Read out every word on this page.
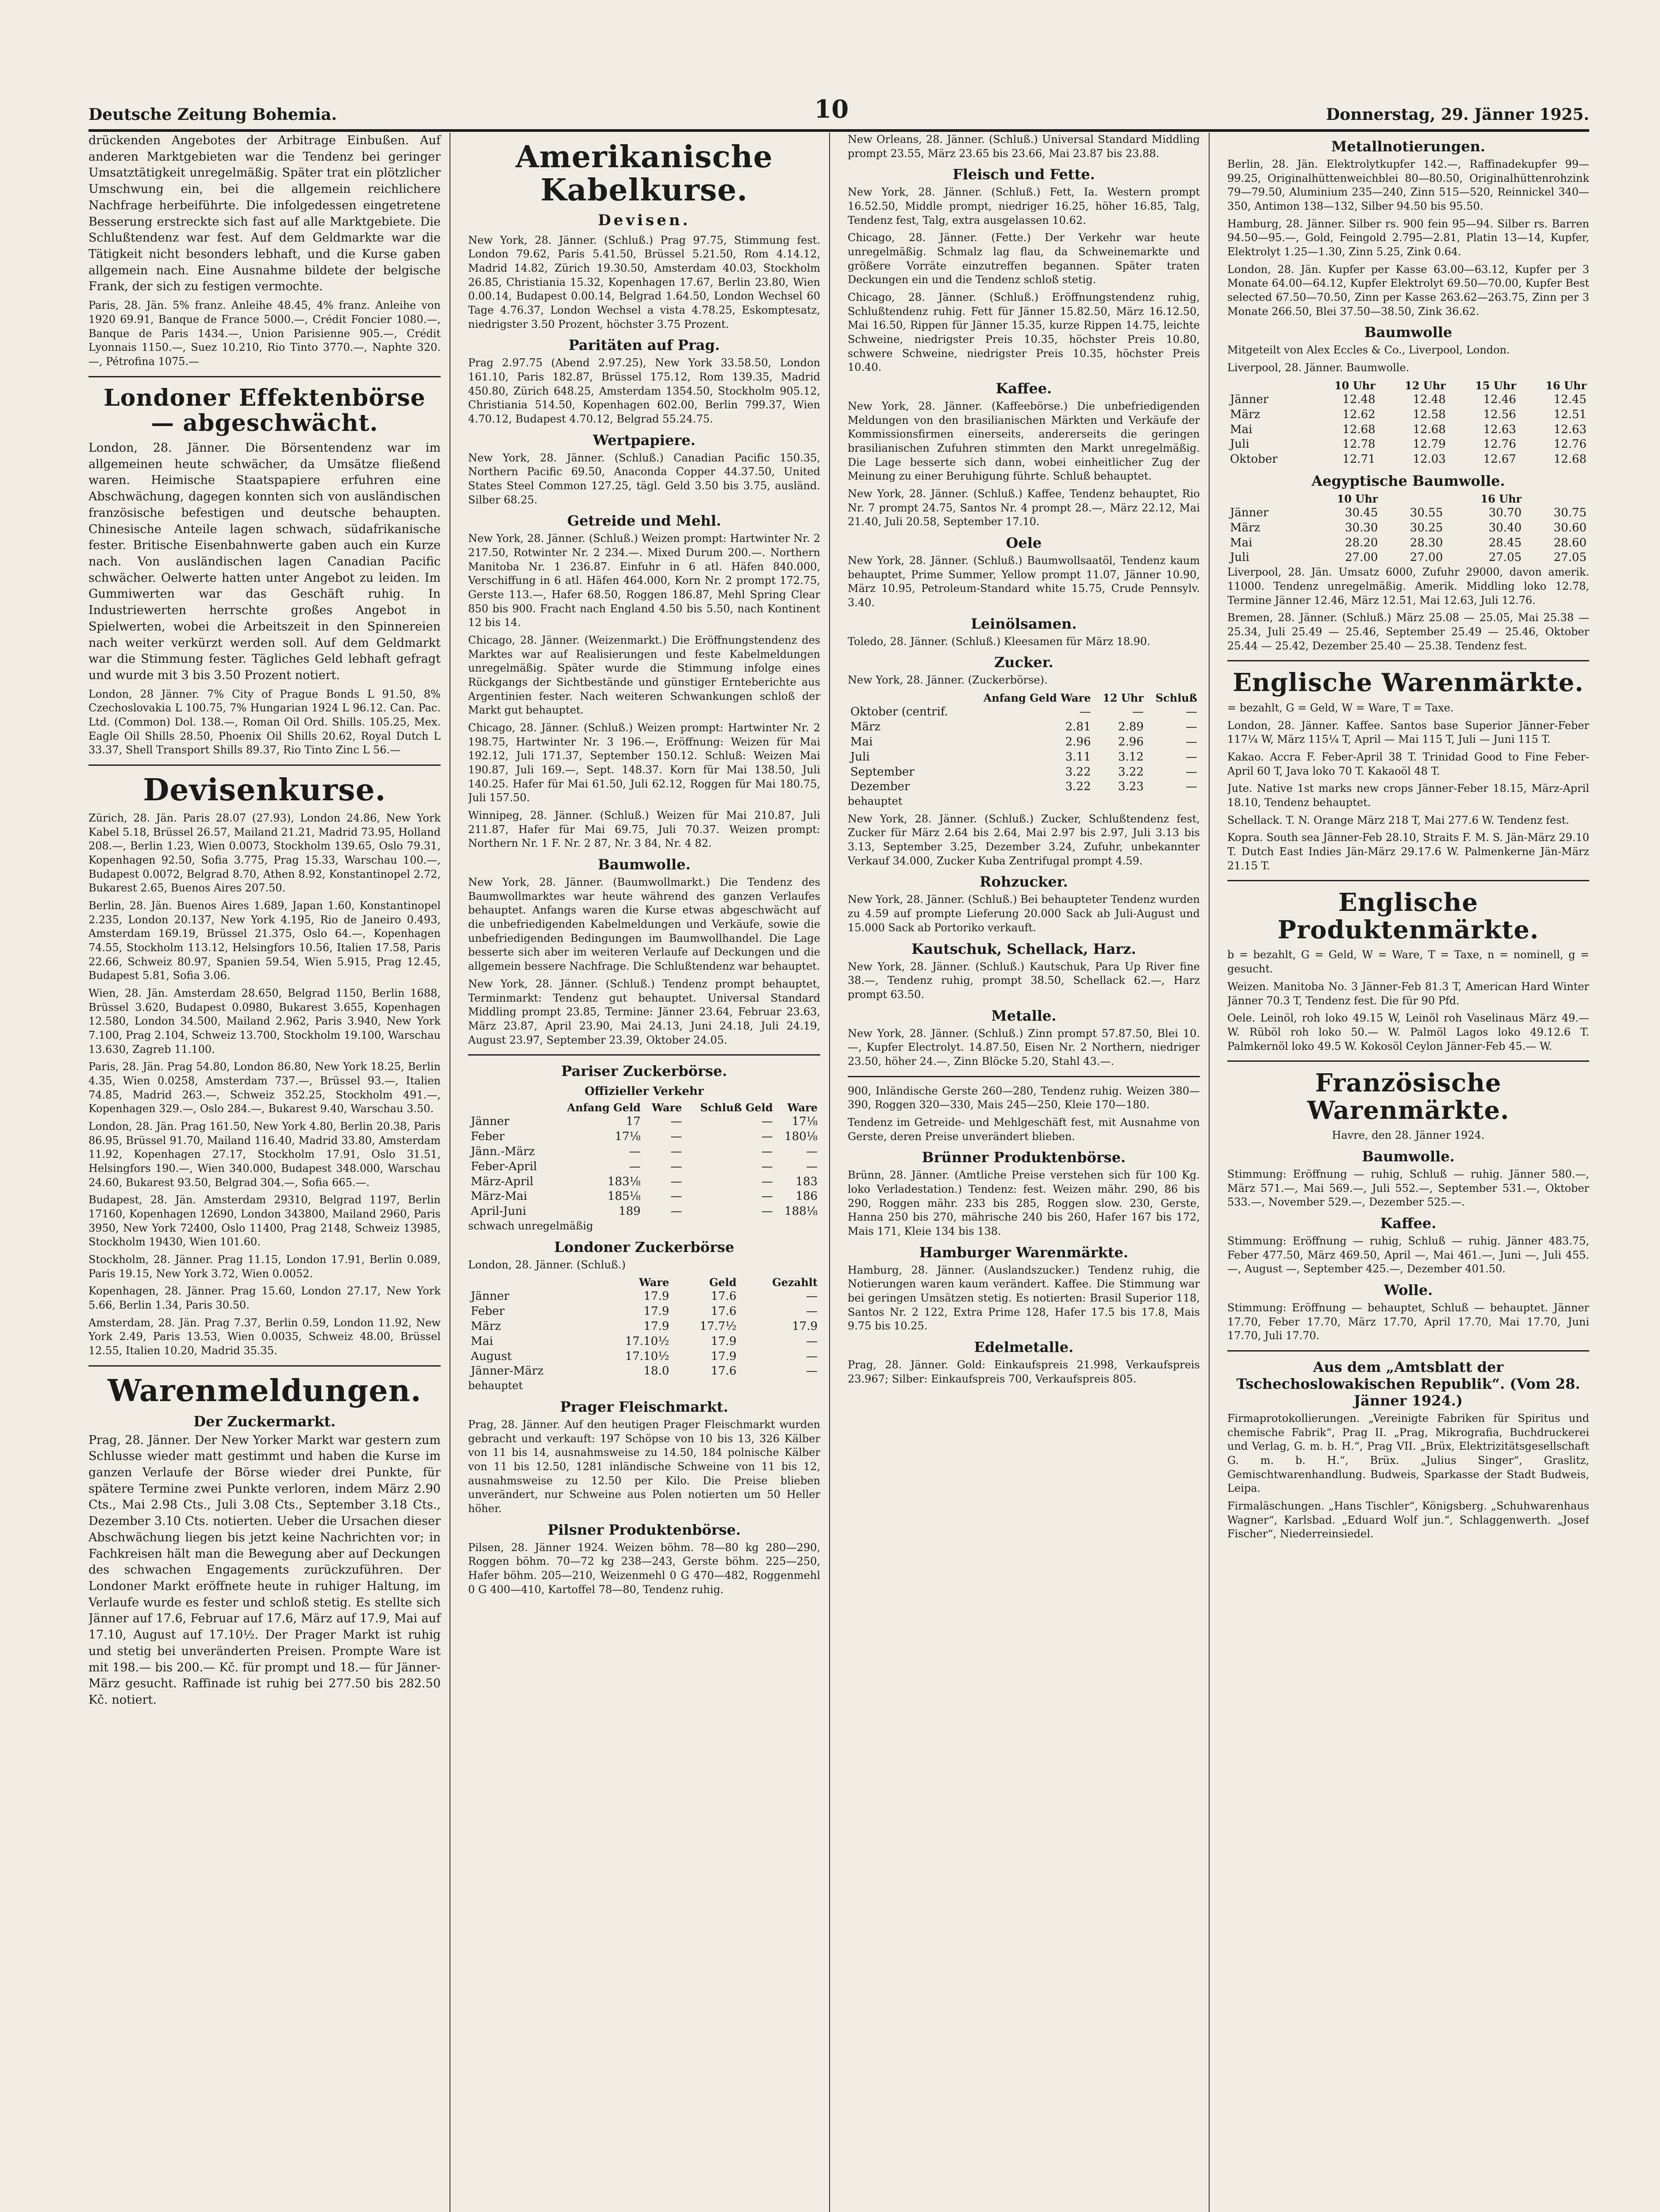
Deutsche Zeitung Bohemia.	10	Donnerstag, 29. Jänner 1925.

drückenden Angebotes der Arbitrage Einbußen. Auf anderen Marktgebieten war die Tendenz bei geringer Umsatztätigkeit unregelmäßig. Später trat ein plötzlicher Umschwung ein, bei die allgemein reichlichere Nachfrage herbeiführte. Die infolgedessen eingetretene Besserung erstreckte sich fast auf alle Marktgebiete. Die Schlußtendenz war fest. Auf dem Geldmarkte war die Tätigkeit nicht besonders lebhaft, und die Kurse gaben allgemein nach. Eine Ausnahme bildete der belgische Frank, der sich zu festigen vermochte.

Paris, 28. Jän. 5% franz. Anleihe 48.45, 4% franz. Anleihe von 1920 69.91, Banque de France 5000.—, Crédit Foncier 1080.—, Banque de Paris 1434.—, Union Parisienne 905.—, Crédit Lyonnais 1150.—, Suez 10.210, Rio Tinto 3770.—, Naphte 320.—, Pétrofina 1075.—

Londoner Effektenbörse — abgeschwächt.

London, 28. Jänner. Die Börsentendenz war im allgemeinen heute schwächer, da Umsätze fließend waren. Heimische Staatspapiere erfuhren eine Abschwächung, dagegen konnten sich von ausländischen französische befestigen und deutsche behaupten. Chinesische Anteile lagen schwach, südafrikanische fester. Britische Eisenbahnwerte gaben auch ein Kurze nach. Von ausländischen lagen Canadian Pacific schwächer. Oelwerte hatten unter Angebot zu leiden. Im Gummiwerten war das Geschäft ruhig. In Industriewerten herrschte großes Angebot in Spielwerten, wobei die Arbeitszeit in den Spinnereien nach weiter verkürzt werden soll. Auf dem Geldmarkt war die Stimmung fester. Tägliches Geld lebhaft gefragt und wurde mit 3 bis 3.50 Prozent notiert.

London, 28 Jänner. 7% City of Prague Bonds L 91.50, 8% Czechoslovakia L 100.75, 7% Hungarian 1924 L 96.12. Can. Pac. Ltd. (Common) Dol. 138.—, Roman Oil Ord. Shills. 105.25, Mex. Eagle Oil Shills 28.50, Phoenix Oil Shills 20.62, Royal Dutch L 33.37, Shell Transport Shills 89.37, Rio Tinto Zinc L 56.—

Devisenkurse.

Zürich, 28. Jän. Paris 28.07 (27.93), London 24.86, New York Kabel 5.18, Brüssel 26.57, Mailand 21.21, Madrid 73.95, Holland 208.—, Berlin 1.23, Wien 0.0073, Stockholm 139.65, Oslo 79.31, Kopenhagen 92.50, Sofia 3.775, Prag 15.33, Warschau 100.—, Budapest 0.0072, Belgrad 8.70, Athen 8.92, Konstantinopel 2.72, Bukarest 2.65, Buenos Aires 207.50.

Berlin, 28. Jän. Buenos Aires 1.689, Japan 1.60, Konstantinopel 2.235, London 20.137, New York 4.195, Rio de Janeiro 0.493, Amsterdam 169.19, Brüssel 21.375, Oslo 64.—, Kopenhagen 74.55, Stockholm 113.12, Helsingfors 10.56, Italien 17.58, Paris 22.66, Schweiz 80.97, Spanien 59.54, Wien 5.915, Prag 12.45, Budapest 5.81, Sofia 3.06.

Wien, 28. Jän. Amsterdam 28.650, Belgrad 1150, Berlin 1688, Brüssel 3.620, Budapest 0.0980, Bukarest 3.655, Kopenhagen 12.580, London 34.500, Mailand 2.962, Paris 3.940, New York 7.100, Prag 2.104, Schweiz 13.700, Stockholm 19.100, Warschau 13.630, Zagreb 11.100.

Paris, 28. Jän. Prag 54.80, London 86.80, New York 18.25, Berlin 4.35, Wien 0.0258, Amsterdam 737.—, Brüssel 93.—, Italien 74.85, Madrid 263.—, Schweiz 352.25, Stockholm 491.—, Kopenhagen 329.—, Oslo 284.—, Bukarest 9.40, Warschau 3.50.

London, 28. Jän. Prag 161.50, New York 4.80, Berlin 20.38, Paris 86.95, Brüssel 91.70, Mailand 116.40, Madrid 33.80, Amsterdam 11.92, Kopenhagen 27.17, Stockholm 17.91, Oslo 31.51, Helsingfors 190.—, Wien 340.000, Budapest 348.000, Warschau 24.60, Bukarest 93.50, Belgrad 304.—, Sofia 665.—.

Budapest, 28. Jän. Amsterdam 29310, Belgrad 1197, Berlin 17160, Kopenhagen 12690, London 343800, Mailand 2960, Paris 3950, New York 72400, Oslo 11400, Prag 2148, Schweiz 13985, Stockholm 19430, Wien 101.60.

Stockholm, 28. Jänner. Prag 11.15, London 17.91, Berlin 0.089, Paris 19.15, New York 3.72, Wien 0.0052.

Kopenhagen, 28. Jänner. Prag 15.60, London 27.17, New York 5.66, Berlin 1.34, Paris 30.50.

Amsterdam, 28. Jän. Prag 7.37, Berlin 0.59, London 11.92, New York 2.49, Paris 13.53, Wien 0.0035, Schweiz 48.00, Brüssel 12.55, Italien 10.20, Madrid 35.35.

Warenmeldungen.
Der Zuckermarkt.

Prag, 28. Jänner. Der New Yorker Markt war gestern zum Schlusse wieder matt gestimmt und haben die Kurse im ganzen Verlaufe der Börse wieder drei Punkte, für spätere Termine zwei Punkte verloren, indem März 2.90 Cts., Mai 2.98 Cts., Juli 3.08 Cts., September 3.18 Cts., Dezember 3.10 Cts. notierten. Ueber die Ursachen dieser Abschwächung liegen bis jetzt keine Nachrichten vor; in Fachkreisen hält man die Bewegung aber auf Deckungen des schwachen Engagements zurückzuführen. Der Londoner Markt eröffnete heute in ruhiger Haltung, im Verlaufe wurde es fester und schloß stetig. Es stellte sich Jänner auf 17.6, Februar auf 17.6, März auf 17.9, Mai auf 17.10, August auf 17.10½. Der Prager Markt ist ruhig und stetig bei unveränderten Preisen. Prompte Ware ist mit 198.— bis 200.— Kč. für prompt und 18.— für Jänner-März gesucht. Raffinade ist ruhig bei 277.50 bis 282.50 Kč. notiert.

Amerikanische Kabelkurse.
Devisen.

New York, 28. Jänner. (Schluß.) Prag 97.75, Stimmung fest. London 79.62, Paris 5.41.50, Brüssel 5.21.50, Rom 4.14.12, Madrid 14.82, Zürich 19.30.50, Amsterdam 40.03, Stockholm 26.85, Christiania 15.32, Kopenhagen 17.67, Berlin 23.80, Wien 0.00.14, Budapest 0.00.14, Belgrad 1.64.50, London Wechsel 60 Tage 4.76.37, London Wechsel a vista 4.78.25, Eskomptesatz, niedrigster 3.50 Prozent, höchster 3.75 Prozent.

Paritäten auf Prag.

Prag 2.97.75 (Abend 2.97.25), New York 33.58.50, London 161.10, Paris 182.87, Brüssel 175.12, Rom 139.35, Madrid 450.80, Zürich 648.25, Amsterdam 1354.50, Stockholm 905.12, Christiania 514.50, Kopenhagen 602.00, Berlin 799.37, Wien 4.70.12, Budapest 4.70.12, Belgrad 55.24.75.

Wertpapiere.

New York, 28. Jänner. (Schluß.) Canadian Pacific 150.35, Northern Pacific 69.50, Anaconda Copper 44.37.50, United States Steel Common 127.25, tägl. Geld 3.50 bis 3.75, ausländ. Silber 68.25.

Getreide und Mehl.

New York, 28. Jänner. (Schluß.) Weizen prompt: Hartwinter Nr. 2 217.50, Rotwinter Nr. 2 234.—. Mixed Durum 200.—. Northern Manitoba Nr. 1 236.87. Einfuhr in 6 atl. Häfen 840.000, Verschiffung in 6 atl. Häfen 464.000, Korn Nr. 2 prompt 172.75, Gerste 113.—, Hafer 68.50, Roggen 186.87, Mehl Spring Clear 850 bis 900. Fracht nach England 4.50 bis 5.50, nach Kontinent 12 bis 14.

Chicago, 28. Jänner. (Weizenmarkt.) Die Eröffnungstendenz des Marktes war auf Realisierungen und feste Kabelmeldungen unregelmäßig. Später wurde die Stimmung infolge eines Rückgangs der Sichtbestände und günstiger Ernteberichte aus Argentinien fester. Nach weiteren Schwankungen schloß der Markt gut behauptet.

Chicago, 28. Jänner. (Schluß.) Weizen prompt: Hartwinter Nr. 2 198.75, Hartwinter Nr. 3 196.—, Eröffnung: Weizen für Mai 192.12, Juli 171.37, September 150.12. Schluß: Weizen Mai 190.87, Juli 169.—, Sept. 148.37. Korn für Mai 138.50, Juli 140.25. Hafer für Mai 61.50, Juli 62.12, Roggen für Mai 180.75, Juli 157.50.

Winnipeg, 28. Jänner. (Schluß.) Weizen für Mai 210.87, Juli 211.87, Hafer für Mai 69.75, Juli 70.37. Weizen prompt: Northern Nr. 1 F. Nr. 2 87, Nr. 3 84, Nr. 4 82.

Baumwolle.

New York, 28. Jänner. (Baumwollmarkt.) Die Tendenz des Baumwollmarktes war heute während des ganzen Verlaufes behauptet. Anfangs waren die Kurse etwas abgeschwächt auf die unbefriedigenden Kabelmeldungen und Verkäufe, sowie die unbefriedigenden Bedingungen im Baumwollhandel. Die Lage besserte sich aber im weiteren Verlaufe auf Deckungen und die allgemein bessere Nachfrage. Die Schlußtendenz war behauptet.

New York, 28. Jänner. (Schluß.) Tendenz prompt behauptet, Terminmarkt: Tendenz gut behauptet. Universal Standard Middling prompt 23.85, Termine: Jänner 23.64, Februar 23.63, März 23.87, April 23.90, Mai 24.13, Juni 24.18, Juli 24.19, August 23.97, September 23.39, Oktober 24.05.

Pariser Zuckerbörse.
Offizieller Verkehr
	Anfang Geld	Ware	Schluß Geld	Ware
Jänner	17	—	—	17⅛
Feber	17⅛	—	—	180⅛
Jänn.-März	—	—	—	—
Feber-April	—	—	—	—
März-April	183⅛	—	—	183
März-Mai	185⅛	—	—	186
April-Juni	189	—	—	188⅛

schwach unregelmäßig

Londoner Zuckerbörse

London, 28. Jänner. (Schluß.)

	Ware	Geld	Gezahlt
Jänner	17.9	17.6	—
Feber	17.9	17.6	—
März	17.9	17.7½	17.9
Mai	17.10½	17.9	—
August	17.10½	17.9	—
Jänner-März	18.0	17.6	—

behauptet

Prager Fleischmarkt.

Prag, 28. Jänner. Auf den heutigen Prager Fleischmarkt wurden gebracht und verkauft: 197 Schöpse von 10 bis 13, 326 Kälber von 11 bis 14, ausnahmsweise zu 14.50, 184 polnische Kälber von 11 bis 12.50, 1281 inländische Schweine von 11 bis 12, ausnahmsweise zu 12.50 per Kilo. Die Preise blieben unverändert, nur Schweine aus Polen notierten um 50 Heller höher.

Pilsner Produktenbörse.

Pilsen, 28. Jänner 1924. Weizen böhm. 78—80 kg 280—290, Roggen böhm. 70—72 kg 238—243, Gerste böhm. 225—250, Hafer böhm. 205—210, Weizenmehl 0 G 470—482, Roggenmehl 0 G 400—410, Kartoffel 78—80, Tendenz ruhig.

New Orleans, 28. Jänner. (Schluß.) Universal Standard Middling prompt 23.55, März 23.65 bis 23.66, Mai 23.87 bis 23.88.

Fleisch und Fette.

New York, 28. Jänner. (Schluß.) Fett, Ia. Western prompt 16.52.50, Middle prompt, niedriger 16.25, höher 16.85, Talg, Tendenz fest, Talg, extra ausgelassen 10.62.

Chicago, 28. Jänner. (Fette.) Der Verkehr war heute unregelmäßig. Schmalz lag flau, da Schweinemarkte und größere Vorräte einzutreffen begannen. Später traten Deckungen ein und die Tendenz schloß stetig.

Chicago, 28. Jänner. (Schluß.) Eröffnungstendenz ruhig, Schlußtendenz ruhig. Fett für Jänner 15.82.50, März 16.12.50, Mai 16.50, Rippen für Jänner 15.35, kurze Rippen 14.75, leichte Schweine, niedrigster Preis 10.35, höchster Preis 10.80, schwere Schweine, niedrigster Preis 10.35, höchster Preis 10.40.

Kaffee.

New York, 28. Jänner. (Kaffeebörse.) Die unbefriedigenden Meldungen von den brasilianischen Märkten und Verkäufe der Kommissionsfirmen einerseits, andererseits die geringen brasilianischen Zufuhren stimmten den Markt unregelmäßig. Die Lage besserte sich dann, wobei einheitlicher Zug der Meinung zu einer Beruhigung führte. Schluß behauptet.

New York, 28. Jänner. (Schluß.) Kaffee, Tendenz behauptet, Rio Nr. 7 prompt 24.75, Santos Nr. 4 prompt 28.—, März 22.12, Mai 21.40, Juli 20.58, September 17.10.

Oele

New York, 28. Jänner. (Schluß.) Baumwollsaatöl, Tendenz kaum behauptet, Prime Summer, Yellow prompt 11.07, Jänner 10.90, März 10.95, Petroleum-Standard white 15.75, Crude Pennsylv. 3.40.

Leinölsamen.

Toledo, 28. Jänner. (Schluß.) Kleesamen für März 18.90.

Zucker.

New York, 28. Jänner. (Zuckerbörse).

	Anfang Geld Ware	12 Uhr	Schluß
Oktober (centrif.	—	—	—
März	2.81	2.89	—
Mai	2.96	2.96	—
Juli	3.11	3.12	—
September	3.22	3.22	—
Dezember	3.22	3.23	—

behauptet

New York, 28. Jänner. (Schluß.) Zucker, Schlußtendenz fest, Zucker für März 2.64 bis 2.64, Mai 2.97 bis 2.97, Juli 3.13 bis 3.13, September 3.25, Dezember 3.24, Zufuhr, unbekannter Verkauf 34.000, Zucker Kuba Zentrifugal prompt 4.59.

Rohzucker.

New York, 28. Jänner. (Schluß.) Bei behaupteter Tendenz wurden zu 4.59 auf prompte Lieferung 20.000 Sack ab Juli-August und 15.000 Sack ab Portoriko verkauft.

Kautschuk, Schellack, Harz.

New York, 28. Jänner. (Schluß.) Kautschuk, Para Up River fine 38.—, Tendenz ruhig, prompt 38.50, Schellack 62.—, Harz prompt 63.50.

Metalle.

New York, 28. Jänner. (Schluß.) Zinn prompt 57.87.50, Blei 10.—, Kupfer Electrolyt. 14.87.50, Eisen Nr. 2 Northern, niedriger 23.50, höher 24.—, Zinn Blöcke 5.20, Stahl 43.—.

900, Inländische Gerste 260—280, Tendenz ruhig. Weizen 380—390, Roggen 320—330, Mais 245—250, Kleie 170—180.

Tendenz im Getreide- und Mehlgeschäft fest, mit Ausnahme von Gerste, deren Preise unverändert blieben.

Brünner Produktenbörse.

Brünn, 28. Jänner. (Amtliche Preise verstehen sich für 100 Kg. loko Verladestation.) Tendenz: fest. Weizen mähr. 290, 86 bis 290, Roggen mähr. 233 bis 285, Roggen slow. 230, Gerste, Hanna 250 bis 270, mährische 240 bis 260, Hafer 167 bis 172, Mais 171, Kleie 134 bis 138.

Hamburger Warenmärkte.

Hamburg, 28. Jänner. (Auslandszucker.) Tendenz ruhig, die Notierungen waren kaum verändert. Kaffee. Die Stimmung war bei geringen Umsätzen stetig. Es notierten: Brasil Superior 118, Santos Nr. 2 122, Extra Prime 128, Hafer 17.5 bis 17.8, Mais 9.75 bis 10.25.

Edelmetalle.

Prag, 28. Jänner. Gold: Einkaufspreis 21.998, Verkaufspreis 23.967; Silber: Einkaufspreis 700, Verkaufspreis 805.

Metallnotierungen.

Berlin, 28. Jän. Elektrolytkupfer 142.—, Raffinadekupfer 99—99.25, Originalhüttenweichblei 80—80.50, Originalhüttenrohzink 79—79.50, Aluminium 235—240, Zinn 515—520, Reinnickel 340—350, Antimon 138—132, Silber 94.50 bis 95.50.

Hamburg, 28. Jänner. Silber rs. 900 fein 95—94. Silber rs. Barren 94.50—95.—, Gold, Feingold 2.795—2.81, Platin 13—14, Kupfer, Elektrolyt 1.25—1.30, Zinn 5.25, Zink 0.64.

London, 28. Jän. Kupfer per Kasse 63.00—63.12, Kupfer per 3 Monate 64.00—64.12, Kupfer Elektrolyt 69.50—70.00, Kupfer Best selected 67.50—70.50, Zinn per Kasse 263.62—263.75, Zinn per 3 Monate 266.50, Blei 37.50—38.50, Zink 36.62.

Baumwolle

Mitgeteilt von Alex Eccles & Co., Liverpool, London.

Liverpool, 28. Jänner. Baumwolle.

	10 Uhr	12 Uhr	15 Uhr	16 Uhr
Jänner	12.48	12.48	12.46	12.45
März	12.62	12.58	12.56	12.51
Mai	12.68	12.68	12.63	12.63
Juli	12.78	12.79	12.76	12.76
Oktober	12.71	12.03	12.67	12.68
Aegyptische Baumwolle.
	10 Uhr		16 Uhr	
Jänner	30.45	30.55	30.70	30.75
März	30.30	30.25	30.40	30.60
Mai	28.20	28.30	28.45	28.60
Juli	27.00	27.00	27.05	27.05

Liverpool, 28. Jän. Umsatz 6000, Zufuhr 29000, davon amerik. 11000. Tendenz unregelmäßig. Amerik. Middling loko 12.78, Termine Jänner 12.46, März 12.51, Mai 12.63, Juli 12.76.

Bremen, 28. Jänner. (Schluß.) März 25.08 — 25.05, Mai 25.38 — 25.34, Juli 25.49 — 25.46, September 25.49 — 25.46, Oktober 25.44 — 25.42, Dezember 25.40 — 25.38. Tendenz fest.

Englische Warenmärkte.

= bezahlt, G = Geld, W = Ware, T = Taxe.

London, 28. Jänner. Kaffee. Santos base Superior Jänner-Feber 117¼ W, März 115¼ T, April — Mai 115 T, Juli — Juni 115 T.

Kakao. Accra F. Feber-April 38 T. Trinidad Good to Fine Feber-April 60 T, Java loko 70 T. Kakaoöl 48 T.

Jute. Native 1st marks new crops Jänner-Feber 18.15, März-April 18.10, Tendenz behauptet.

Schellack. T. N. Orange März 218 T, Mai 277.6 W. Tendenz fest.

Kopra. South sea Jänner-Feb 28.10, Straits F. M. S. Jän-März 29.10 T. Dutch East Indies Jän-März 29.17.6 W. Palmenkerne Jän-März 21.15 T.

Englische Produktenmärkte.

b = bezahlt, G = Geld, W = Ware, T = Taxe, n = nominell, g = gesucht.

Weizen. Manitoba No. 3 Jänner-Feb 81.3 T, American Hard Winter Jänner 70.3 T, Tendenz fest. Die für 90 Pfd.

Oele. Leinöl, roh loko 49.15 W, Leinöl roh Vaselinaus März 49.— W. Rüböl roh loko 50.— W. Palmöl Lagos loko 49.12.6 T. Palmkernöl loko 49.5 W. Kokosöl Ceylon Jänner-Feb 45.— W.

Französische Warenmärkte.

Havre, den 28. Jänner 1924.

Baumwolle.

Stimmung: Eröffnung — ruhig, Schluß — ruhig. Jänner 580.—, März 571.—, Mai 569.—, Juli 552.—, September 531.—, Oktober 533.—, November 529.—, Dezember 525.—.

Kaffee.

Stimmung: Eröffnung — ruhig, Schluß — ruhig. Jänner 483.75, Feber 477.50, März 469.50, April —, Mai 461.—, Juni —, Juli 455.—, August —, September 425.—, Dezember 401.50.

Wolle.

Stimmung: Eröffnung — behauptet, Schluß — behauptet. Jänner 17.70, Feber 17.70, März 17.70, April 17.70, Mai 17.70, Juni 17.70, Juli 17.70.

Aus dem „Amtsblatt der Tschechoslowakischen Republik“. (Vom 28. Jänner 1924.)

Firmaprotokollierungen. „Vereinigte Fabriken für Spiritus und chemische Fabrik“, Prag II. „Prag, Mikrografia, Buchdruckerei und Verlag, G. m. b. H.“, Prag VII. „Brüx, Elektrizitätsgesellschaft G. m. b. H.“, Brüx. „Julius Singer“, Graslitz, Gemischtwarenhandlung. Budweis, Sparkasse der Stadt Budweis, Leipa.

Firmaläschungen. „Hans Tischler“, Königsberg. „Schuhwarenhaus Wagner“, Karlsbad. „Eduard Wolf jun.“, Schlaggenwerth. „Josef Fischer“, Niederreinsiedel.
